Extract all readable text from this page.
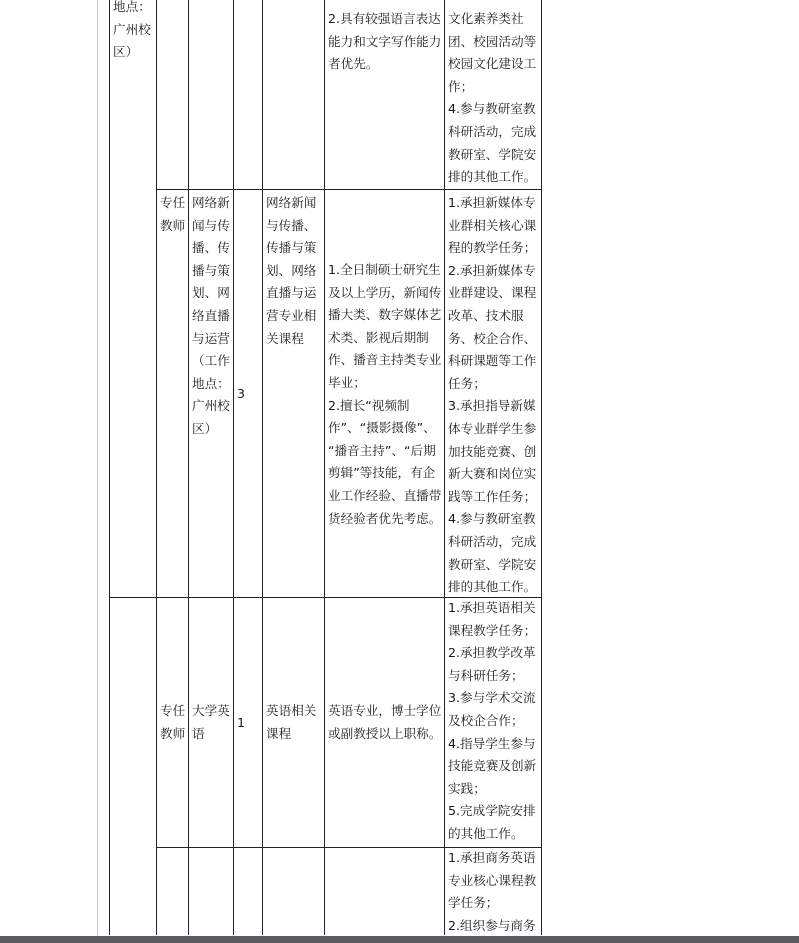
地点：
广州校
区）

2.具有较强语言表达
能力和文字写作能力
者优先。

文化素养类社
团、校园活动等
校园文化建设工
作；
4.参与教研室教
科研活动，完成
教研室、学院安
排的其他工作。

专任
教师

网络新
闻与传
播、传
播与策
划、网
络直播
与运营
（工作
地点：
广州校
区）

3

网络新闻
与传播、
传播与策
划、网络
直播与运
营专业相
关课程

1.全日制硕士研究生
及以上学历，新闻传
播大类、数字媒体艺
术类、影视后期制
作、播音主持类专业
毕业；
2.擅长“视频制
作”、“摄影摄像”、
“播音主持”、“后期
剪辑”等技能，有企
业工作经验、直播带
货经验者优先考虑。

1.承担新媒体专
业群相关核心课
程的教学任务；
2.承担新媒体专
业群建设、课程
改革、技术服
务、校企合作、
科研课题等工作
任务；
3.承担指导新媒
体专业群学生参
加技能竞赛、创
新大赛和岗位实
践等工作任务；
4.参与教研室教
科研活动，完成
教研室、学院安
排的其他工作。

专任
教师

大学英
语

1

英语相关
课程

英语专业，博士学位
或副教授以上职称。

1.承担英语相关
课程教学任务；
2.承担教学改革
与科研任务；
3.参与学术交流
及校企合作；
4.指导学生参与
技能竞赛及创新
实践；
5.完成学院安排
的其他工作。

1.承担商务英语
专业核心课程教
学任务；
2.组织参与商务
